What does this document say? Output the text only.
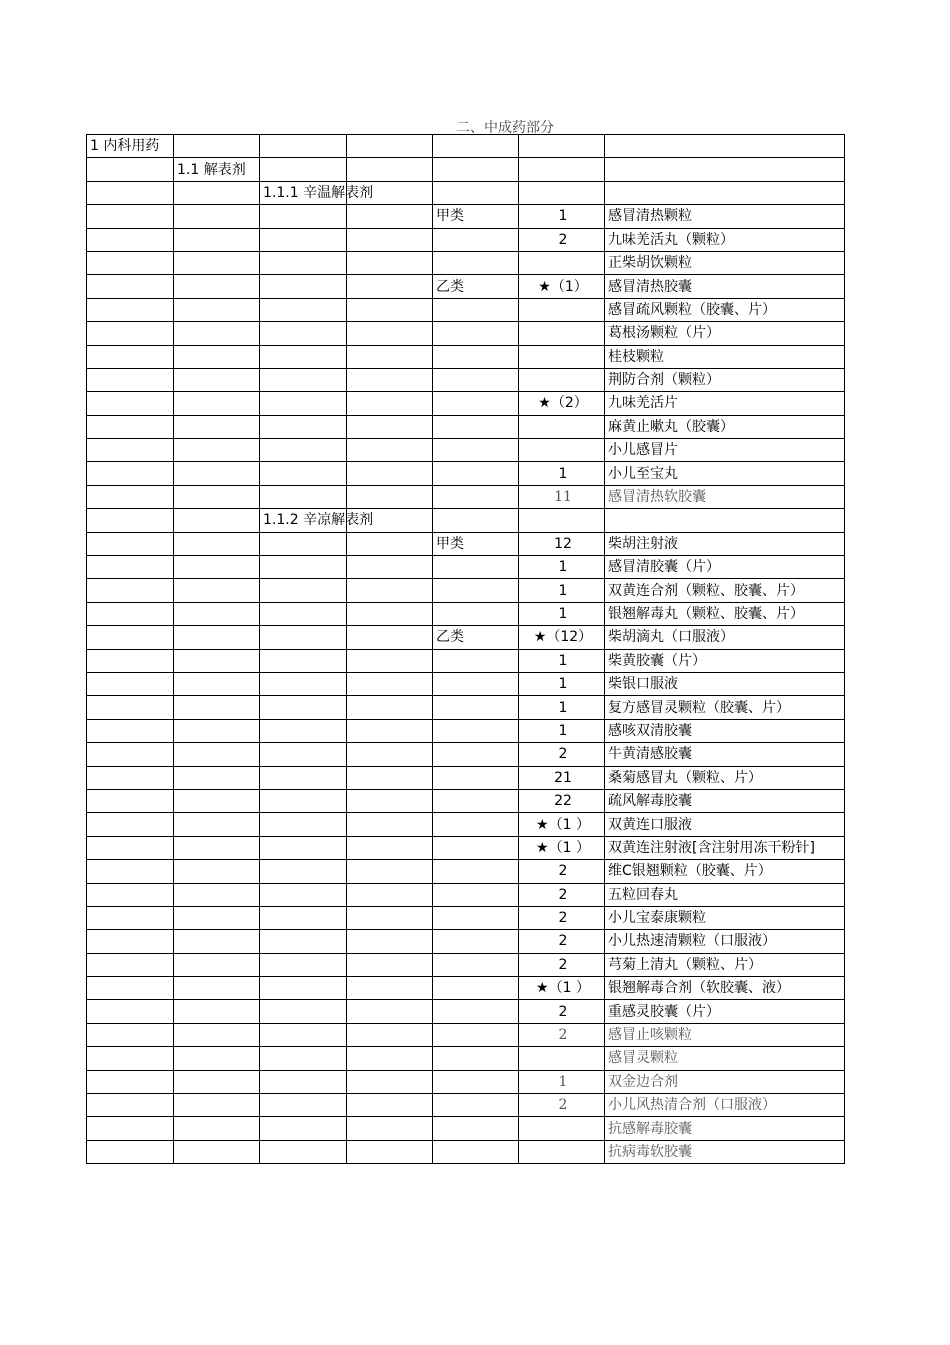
二、中成药部分
1 内科用药						
	1.1 解表剂					
		1.1.1 辛温解表剂				
				甲类	1	感冒清热颗粒
					2	九味羌活丸（颗粒）
						正柴胡饮颗粒
				乙类	★（1）	感冒清热胶囊
						感冒疏风颗粒（胶囊、片）
						葛根汤颗粒（片）
						桂枝颗粒
						荆防合剂（颗粒）
					★（2）	九味羌活片
						麻黄止嗽丸（胶囊）
						小儿感冒片
					1	小儿至宝丸
					11	感冒清热软胶囊
		1.1.2 辛凉解表剂				
				甲类	12	柴胡注射液
					1	感冒清胶囊（片）
					1	双黄连合剂（颗粒、胶囊、片）
					1	银翘解毒丸（颗粒、胶囊、片）
				乙类	★（12）	柴胡滴丸（口服液）
					1	柴黄胶囊（片）
					1	柴银口服液
					1	复方感冒灵颗粒（胶囊、片）
					1	感咳双清胶囊
					2	牛黄清感胶囊
					21	桑菊感冒丸（颗粒、片）
					22	疏风解毒胶囊
					★（1 ）	双黄连口服液
					★（1 ）	双黄连注射液[含注射用冻干粉针]
					2	维C银翘颗粒（胶囊、片）
					2	五粒回春丸
					2	小儿宝泰康颗粒
					2	小儿热速清颗粒（口服液）
					2	芎菊上清丸（颗粒、片）
					★（1 ）	银翘解毒合剂（软胶囊、液）
					2	重感灵胶囊（片）
					2	感冒止咳颗粒
						感冒灵颗粒
					1	双金边合剂
					2	小儿风热清合剂（口服液）
						抗感解毒胶囊
						抗病毒软胶囊
